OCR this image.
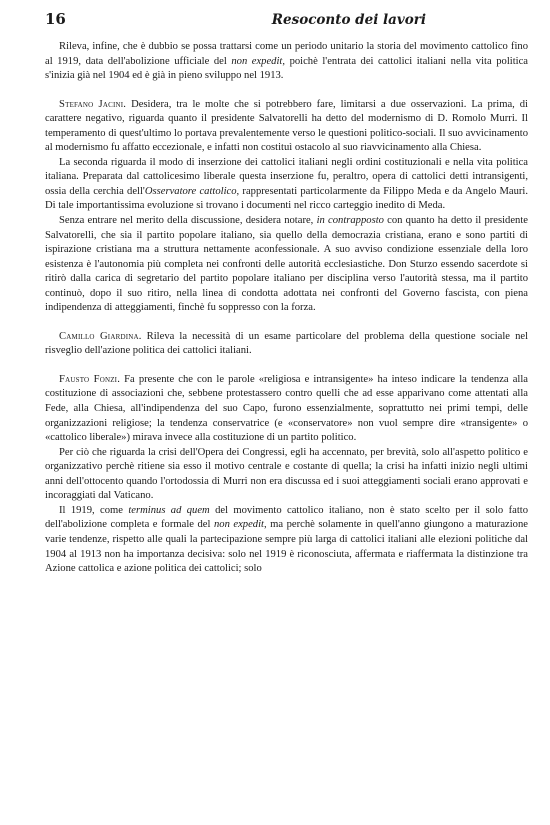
16	Resoconto dei lavori

Rileva, infine, che è dubbio se possa trattarsi come un periodo unitario la storia del movimento cattolico fino al 1919, data dell'abolizione ufficiale del non expedit, poichè l'entrata dei cattolici italiani nella vita politica s'inizia già nel 1904 ed è già in pieno sviluppo nel 1913.

Stefano Jacini. Desidera, tra le molte che si potrebbero fare, limitarsi a due osservazioni. La prima, di carattere negativo, riguarda quanto il presidente Salvatorelli ha detto del modernismo di D. Romolo Murri. Il temperamento di quest'ultimo lo portava prevalentemente verso le questioni politico-sociali. Il suo avvicinamento al modernismo fu affatto eccezionale, e infatti non costituì ostacolo al suo riavvicinamento alla Chiesa.

La seconda riguarda il modo di inserzione dei cattolici italiani negli ordini costituzionali e nella vita politica italiana. Preparata dal cattolicesimo liberale questa inserzione fu, peraltro, opera di cattolici detti intransigenti, ossia della cerchia dell'Osservatore cattolico, rappresentati particolarmente da Filippo Meda e da Angelo Mauri. Di tale importantissima evoluzione si trovano i documenti nel ricco carteggio inedito di Meda.

Senza entrare nel merito della discussione, desidera notare, in contrapposto con quanto ha detto il presidente Salvatorelli, che sia il partito popolare italiano, sia quello della democrazia cristiana, erano e sono partiti di ispirazione cristiana ma a struttura nettamente aconfessionale. A suo avviso condizione essenziale della loro esistenza è l'autonomia più completa nei confronti delle autorità ecclesiastiche. Don Sturzo essendo sacerdote si ritirò dalla carica di segretario del partito popolare italiano per disciplina verso l'autorità stessa, ma il partito continuò, dopo il suo ritiro, nella linea di condotta adottata nei confronti del Governo fascista, con piena indipendenza di atteggiamenti, finchè fu soppresso con la forza.

Camillo Giardina. Rileva la necessità di un esame particolare del problema della questione sociale nel risveglio dell'azione politica dei cattolici italiani.

Fausto Fonzi. Fa presente che con le parole «religiosa e intransigente» ha inteso indicare la tendenza alla costituzione di associazioni che, sebbene protestassero contro quelli che ad esse apparivano come attentati alla Fede, alla Chiesa, all'indipendenza del suo Capo, furono essenzialmente, soprattutto nei primi tempi, delle organizzazioni religiose; la tendenza conservatrice (e «conservatore» non vuol sempre dire «transigente» o «cattolico liberale») mirava invece alla costituzione di un partito politico.

Per ciò che riguarda la crisi dell'Opera dei Congressi, egli ha accennato, per brevità, solo all'aspetto politico e organizzativo perchè ritiene sia esso il motivo centrale e costante di quella; la crisi ha infatti inizio negli ultimi anni dell'ottocento quando l'ortodossia di Murri non era discussa ed i suoi atteggiamenti sociali erano approvati e incoraggiati dal Vaticano.

Il 1919, come terminus ad quem del movimento cattolico italiano, non è stato scelto per il solo fatto dell'abolizione completa e formale del non expedit, ma perchè solamente in quell'anno giungono a maturazione varie tendenze, rispetto alle quali la partecipazione sempre più larga di cattolici italiani alle elezioni politiche dal 1904 al 1913 non ha importanza decisiva: solo nel 1919 è riconosciuta, affermata e riaffermata la distinzione tra Azione cattolica e azione politica dei cattolici; solo
